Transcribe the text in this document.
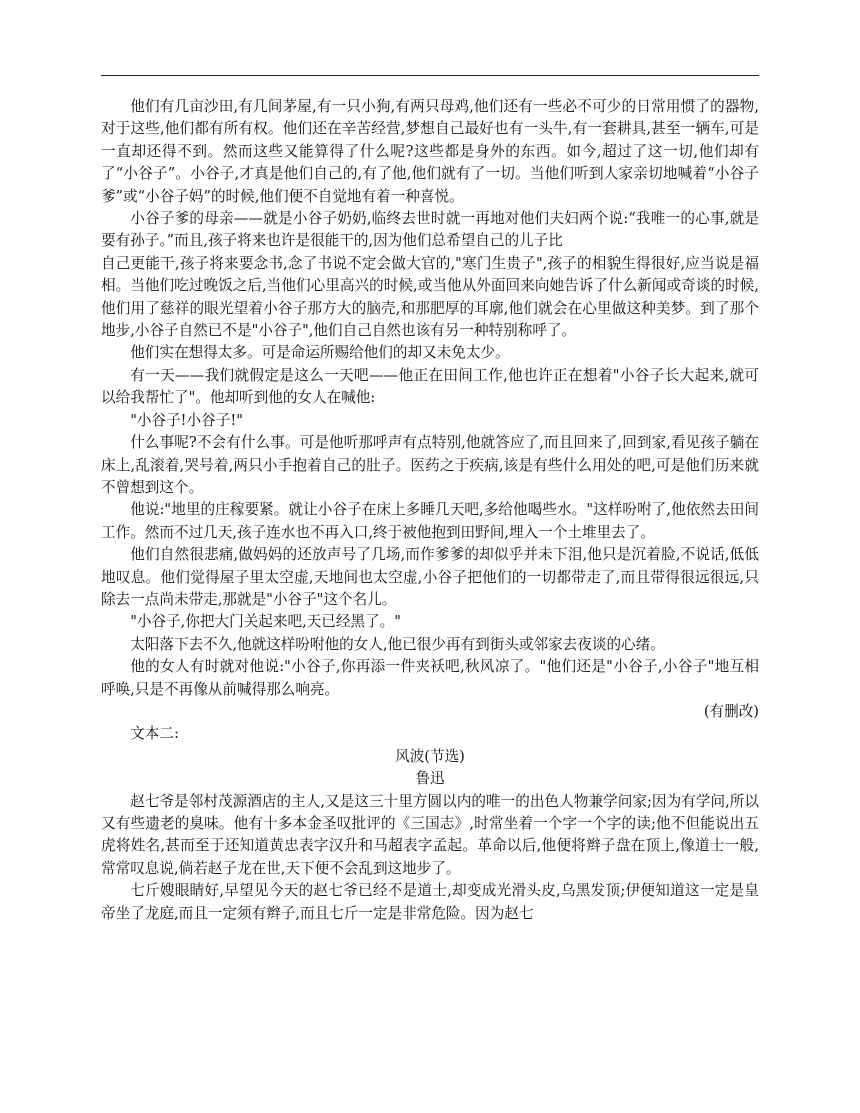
他们有几亩沙田,有几间茅屋,有一只小狗,有两只母鸡,他们还有一些必不可少的日常用惯了的器物,对于这些,他们都有所有权。他们还在辛苦经营,梦想自己最好也有一头牛,有一套耕具,甚至一辆车,可是一直却还得不到。然而这些又能算得了什么呢?这些都是身外的东西。如今,超过了这一切,他们却有了“小谷子”。小谷子,才真是他们自己的,有了他,他们就有了一切。当他们听到人家亲切地喊着“小谷子爹”或“小谷子妈”的时候,他们便不自觉地有着一种喜悦。

小谷子爹的母亲——就是小谷子奶奶,临终去世时就一再地对他们夫妇两个说:“我唯一的心事,就是要有孙子。”而且,孩子将来也许是很能干的,因为他们总希望自己的儿子比

自己更能干,孩子将来要念书,念了书说不定会做大官的,"寒门生贵子",孩子的相貌生得很好,应当说是福相。当他们吃过晚饭之后,当他们心里高兴的时候,或当他从外面回来向她告诉了什么新闻或奇谈的时候,他们用了慈祥的眼光望着小谷子那方大的脑壳,和那肥厚的耳廓,他们就会在心里做这种美梦。到了那个地步,小谷子自然已不是"小谷子",他们自己自然也该有另一种特别称呼了。

他们实在想得太多。可是命运所赐给他们的却又未免太少。

有一天——我们就假定是这么一天吧——他正在田间工作,他也许正在想着"小谷子长大起来,就可以给我帮忙了"。他却听到他的女人在喊他:

"小谷子!小谷子!"

什么事呢?不会有什么事。可是他听那呼声有点特别,他就答应了,而且回来了,回到家,看见孩子躺在床上,乱滚着,哭号着,两只小手抱着自己的肚子。医药之于疾病,该是有些什么用处的吧,可是他们历来就不曾想到这个。

他说:"地里的庄稼要紧。就让小谷子在床上多睡几天吧,多给他喝些水。"这样吩咐了,他依然去田间工作。然而不过几天,孩子连水也不再入口,终于被他抱到田野间,埋入一个土堆里去了。

他们自然很悲痛,做妈妈的还放声号了几场,而作爹爹的却似乎并未下泪,他只是沉着脸,不说话,低低地叹息。他们觉得屋子里太空虚,天地间也太空虚,小谷子把他们的一切都带走了,而且带得很远很远,只除去一点尚未带走,那就是"小谷子"这个名儿。

"小谷子,你把大门关起来吧,天已经黑了。"

太阳落下去不久,他就这样吩咐他的女人,他已很少再有到街头或邻家去夜谈的心绪。

他的女人有时就对他说:"小谷子,你再添一件夹袄吧,秋风凉了。"他们还是"小谷子,小谷子"地互相呼唤,只是不再像从前喊得那么响亮。

(有删改)

文本二:

风波(节选)

鲁迅

赵七爷是邻村茂源酒店的主人,又是这三十里方圆以内的唯一的出色人物兼学问家;因为有学问,所以又有些遗老的臭味。他有十多本金圣叹批评的《三国志》,时常坐着一个字一个字的读;他不但能说出五虎将姓名,甚而至于还知道黄忠表字汉升和马超表字孟起。革命以后,他便将辫子盘在顶上,像道士一般,常常叹息说,倘若赵子龙在世,天下便不会乱到这地步了。

七斤嫂眼睛好,早望见今天的赵七爷已经不是道士,却变成光滑头皮,乌黑发顶;伊便知道这一定是皇帝坐了龙庭,而且一定须有辫子,而且七斤一定是非常危险。因为赵七
